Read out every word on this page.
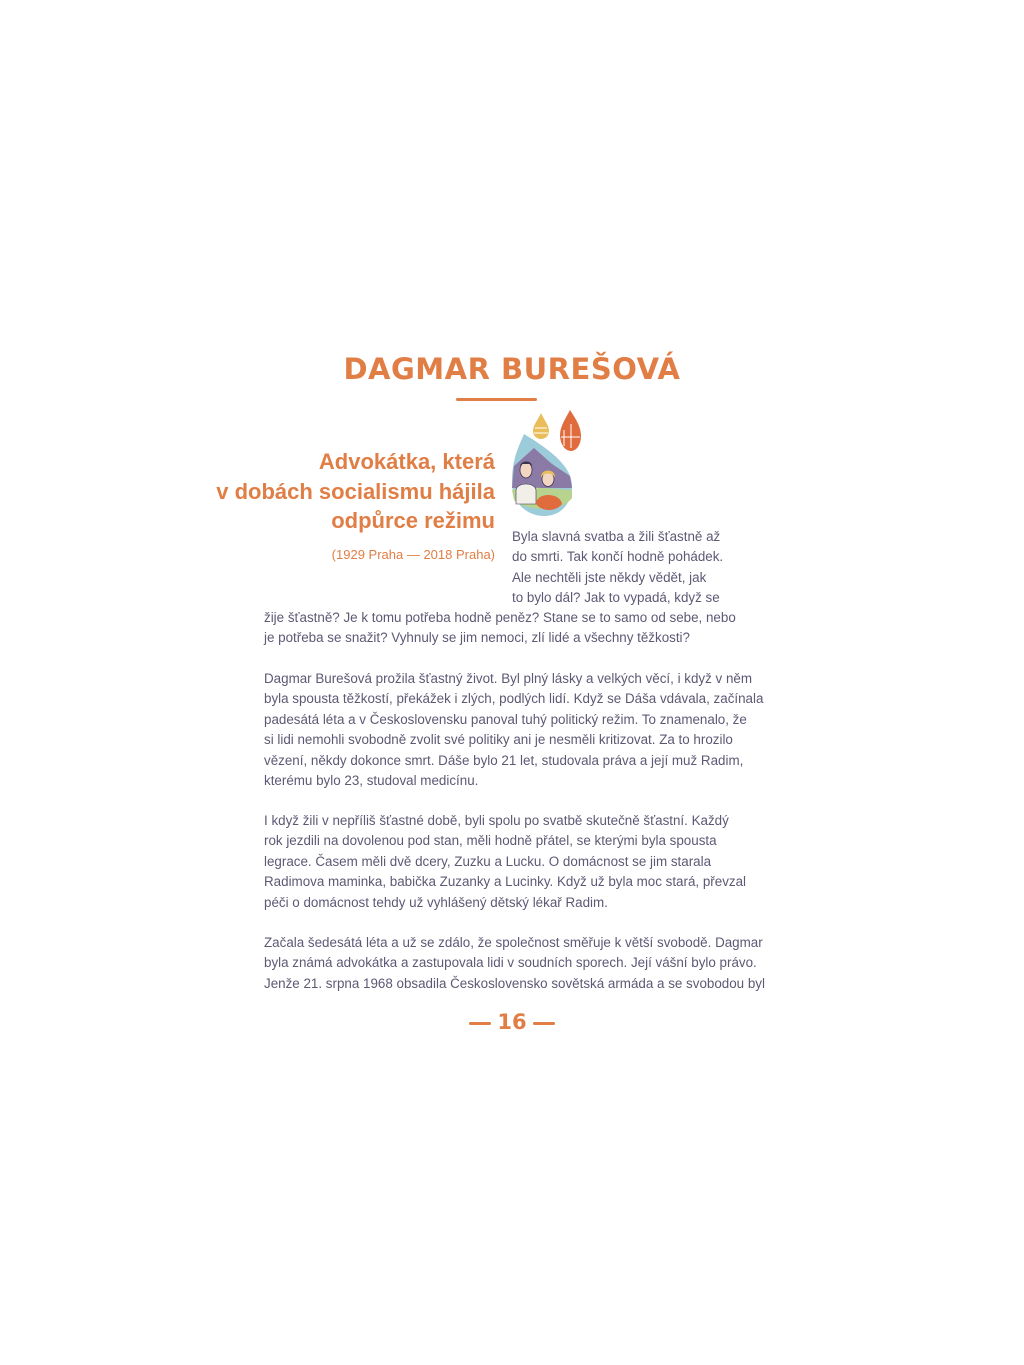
DAGMAR BUREŠOVÁ
Advokátka, která
v dobách socialismu hájila
odpůrce režimu
(1929 Praha — 2018 Praha)

Byla slavná svatba a žili šťastně až
do smrti. Tak končí hodně pohádek.
Ale nechtěli jste někdy vědět, jak
to bylo dál? Jak to vypadá, když se

žije šťastně? Je k tomu potřeba hodně peněz? Stane se to samo od sebe, nebo
je potřeba se snažit? Vyhnuly se jim nemoci, zlí lidé a všechny těžkosti?

Dagmar Burešová prožila šťastný život. Byl plný lásky a velkých věcí, i když v něm
byla spousta těžkostí, překážek i zlých, podlých lidí. Když se Dáša vdávala, začínala
padesátá léta a v Československu panoval tuhý politický režim. To znamenalo, že
si lidi nemohli svobodně zvolit své politiky ani je nesměli kritizovat. Za to hrozilo
vězení, někdy dokonce smrt. Dáše bylo 21 let, studovala práva a její muž Radim,
kterému bylo 23, studoval medicínu.

I když žili v nepříliš šťastné době, byli spolu po svatbě skutečně šťastní. Každý
rok jezdili na dovolenou pod stan, měli hodně přátel, se kterými byla spousta
legrace. Časem měli dvě dcery, Zuzku a Lucku. O domácnost se jim starala
Radimova maminka, babička Zuzanky a Lucinky. Když už byla moc stará, převzal
péči o domácnost tehdy už vyhlášený dětský lékař Radim.

Začala šedesátá léta a už se zdálo, že společnost směřuje k větší svobodě. Dagmar
byla známá advokátka a zastupovala lidi v soudních sporech. Její vášní bylo právo.
Jenže 21. srpna 1968 obsadila Československo sovětská armáda a se svobodou byl

16
